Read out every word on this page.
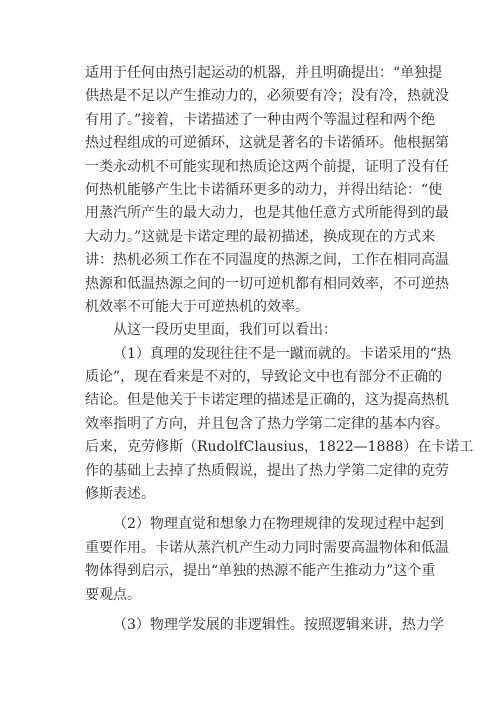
适用于任何由热引起运动的机器，并且明确提出：“单独提
供热是不足以产生推动力的，必须要有冷；没有冷，热就没
有用了。”接着，卡诺描述了一种由两个等温过程和两个绝
热过程组成的可逆循环，这就是著名的卡诺循环。他根据第
一类永动机不可能实现和热质论这两个前提，证明了没有任
何热机能够产生比卡诺循环更多的动力，并得出结论：“使
用蒸汽所产生的最大动力，也是其他任意方式所能得到的最
大动力。”这就是卡诺定理的最初描述，换成现在的方式来
讲：热机必须工作在不同温度的热源之间，工作在相同高温
热源和低温热源之间的一切可逆机都有相同效率，不可逆热
机效率不可能大于可逆热机的效率。
从这一段历史里面，我们可以看出：
（1）真理的发现往往不是一蹴而就的。卡诺采用的“热
质论”，现在看来是不对的，导致论文中也有部分不正确的
结论。但是他关于卡诺定理的描述是正确的，这为提高热机
效率指明了方向，并且包含了热力学第二定律的基本内容。
后来，克劳修斯（RudolfClausius，1822—1888）在卡诺工
作的基础上去掉了热质假说，提出了热力学第二定律的克劳
修斯表述。
（2）物理直觉和想象力在物理规律的发现过程中起到
重要作用。卡诺从蒸汽机产生动力同时需要高温物体和低温
物体得到启示，提出“单独的热源不能产生推动力”这个重
要观点。
（3）物理学发展的非逻辑性。按照逻辑来讲，热力学
